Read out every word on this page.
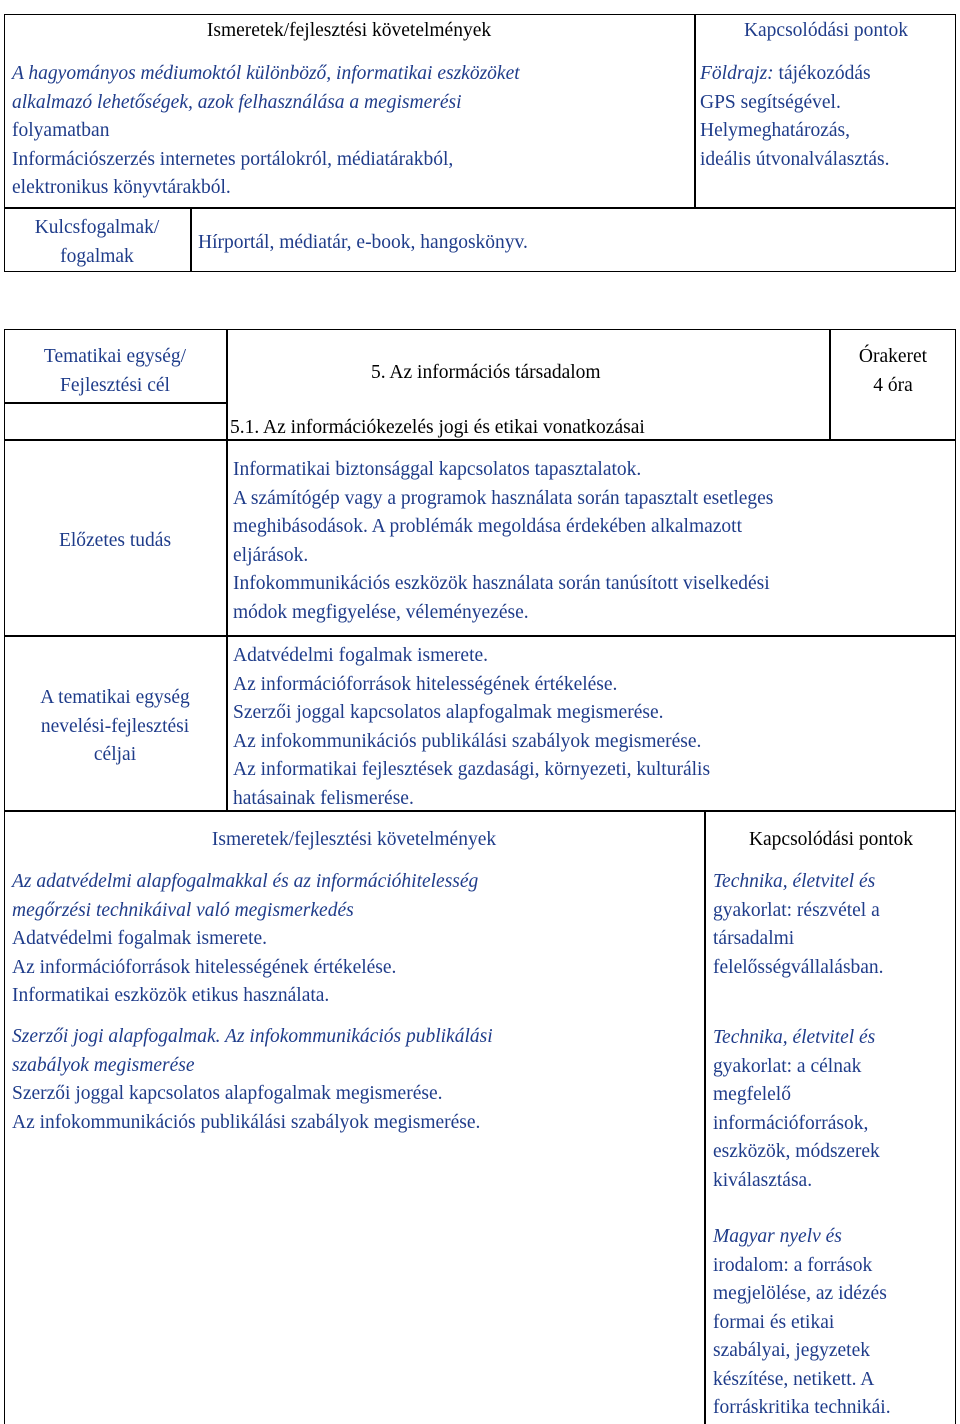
Ismeretek/fejlesztési követelmények	Kapcsolódási pontok
A hagyományos médiumoktól különböző, informatikai eszközöket
alkalmazó lehetőségek, azok felhasználása a megismerési
folyamatban
Információszerzés internetes portálokról, médiatárakból,
elektronikus könyvtárakból.
Földrajz: tájékozódás
GPS segítségével.
Helymeghatározás,
ideális útvonalválasztás.
Kulcsfogalmak/
fogalmak
Hírportál, médiatár, e-book, hangoskönyv.
Tematikai egység/
Fejlesztési cél
5. Az információs társadalom
Órakeret
4 óra
5.1. Az információkezelés jogi és etikai vonatkozásai
Előzetes tudás
Informatikai biztonsággal kapcsolatos tapasztalatok.
A számítógép vagy a programok használata során tapasztalt esetleges
meghibásodások. A problémák megoldása érdekében alkalmazott
eljárások.
Infokommunikációs eszközök használata során tanúsított viselkedési
módok megfigyelése, véleményezése.
A tematikai egység
nevelési-fejlesztési
céljai
Adatvédelmi fogalmak ismerete.
Az információforrások hitelességének értékelése.
Szerzői joggal kapcsolatos alapfogalmak megismerése.
Az infokommunikációs publikálási szabályok megismerése.
Az informatikai fejlesztések gazdasági, környezeti, kulturális
hatásainak felismerése.
Ismeretek/fejlesztési követelmények	Kapcsolódási pontok
Az adatvédelmi alapfogalmakkal és az információhitelesség
megőrzési technikáival való megismerkedés
Adatvédelmi fogalmak ismerete.
Az információforrások hitelességének értékelése.
Informatikai eszközök etikus használata.
Szerzői jogi alapfogalmak. Az infokommunikációs publikálási
szabályok megismerése
Szerzői joggal kapcsolatos alapfogalmak megismerése.
Az infokommunikációs publikálási szabályok megismerése.
Technika, életvitel és
gyakorlat: részvétel a
társadalmi
felelősségvállalásban.
Technika, életvitel és
gyakorlat: a célnak
megfelelő
információforrások,
eszközök, módszerek
kiválasztása.
Magyar nyelv és
irodalom: a források
megjelölése, az idézés
formai és etikai
szabályai, jegyzetek
készítése, netikett. A
forráskritika technikái.
